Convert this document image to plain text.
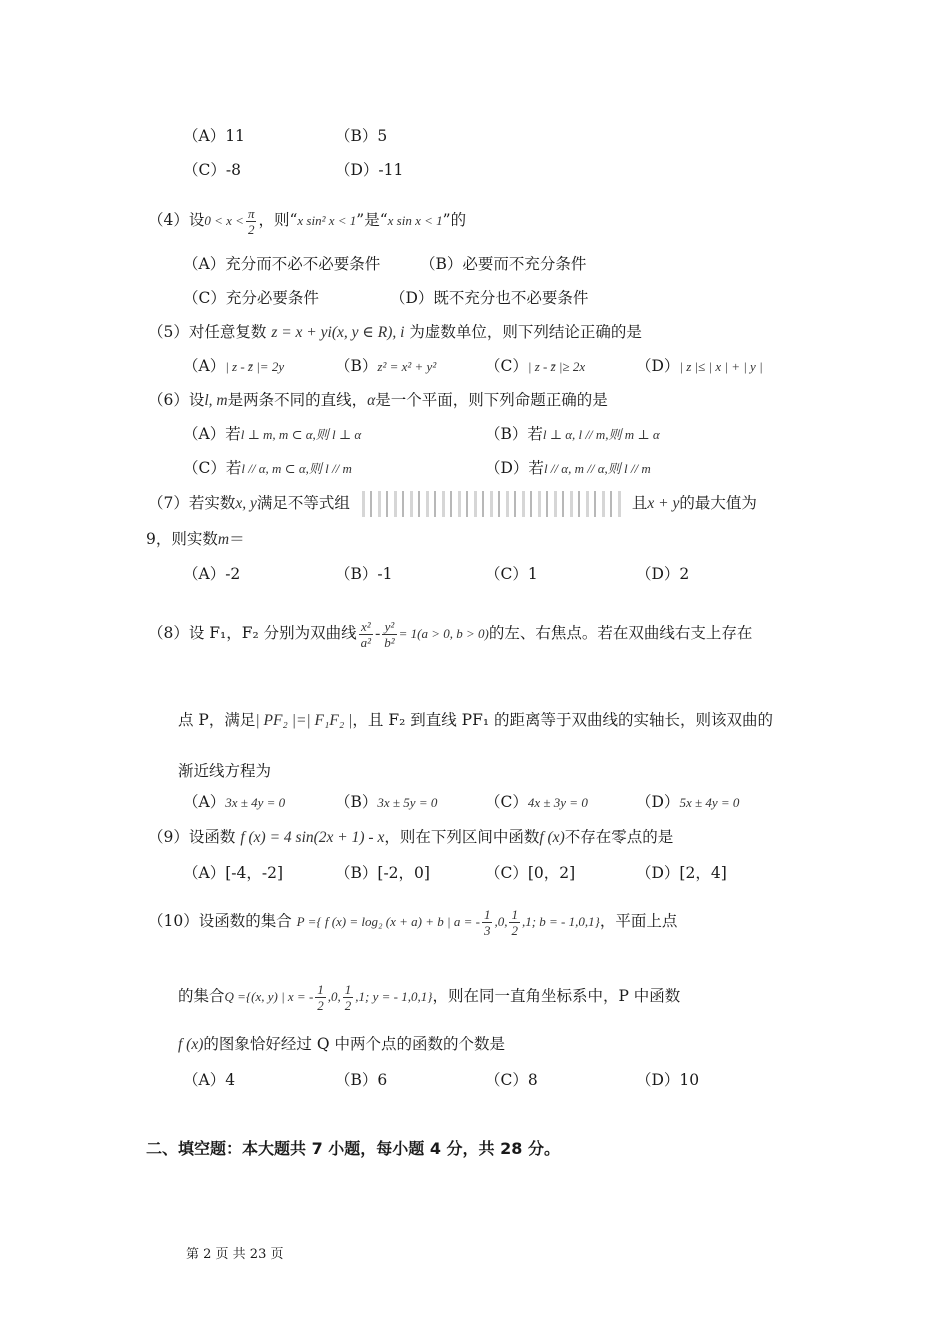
（A）11	（B）5
（C）-8	（D）-11
（4）设$0 < x < \frac{\pi}{2}$ ，则“x sin² x < 1”是“x sin x < 1”的
（A）充分而不必不必要条件	（B）必要而不充分条件
（C）充分必要条件	（D）既不充分也不必要条件
（5）对任意复数 z = x + yi(x, y ∈ R), i 为虚数单位，则下列结论正确的是
（A）| z - z̄ |= 2y	（B）z² = x² + y²	（C）| z - z̄ |≥ 2x	（D）| z |≤ | x | + | y |
（6）设l, m是两条不同的直线，α是一个平面，则下列命题正确的是
（A）若l ⊥ m, m ⊂ α,则 l ⊥ α	（B）若l ⊥ α, l // m,则 m ⊥ α
（C）若l // α, m ⊂ α,则 l // m	（D）若l // α, m // α,则 l // m
（7）若实数x, y满足不等式组	且x + y的最大值为
9，则实数m＝
（A）-2	（B）-1	（C）1	（D）2
（8）设 F₁，F₂ 分别为双曲线 $\frac{\text{x²}}{\text{a²}} - \frac{\text{y²}}{\text{b²}} = 1(a > 0$, b > 0)的左、右焦点。若在双曲线右支上存在
点 P，满足| PF₂ |=| F₁F₂ |，且 F₂ 到直线 PF₁ 的距离等于双曲线的实轴长，则该双曲的
渐近线方程为
（A）3x ± 4y = 0	（B）3x ± 5y = 0	（C）4x ± 3y = 0	（D）5x ± 4y = 0
（9）设函数 f (x) = 4 sin(2x + 1) - x，则在下列区间中函数f (x)不存在零点的是
（A）[-4，-2]	（B）[-2，0]	（C）[0，2]	（D）[2，4]
（10）设函数的集合 P ={ f (x) = log₂ (x + a) + b | a = - $\frac{1}{3} ,0$, $\frac{1}{2} ,1$; b = - 1,0,1}，平面上点
的集合Q ={(x, y) | x = - $\frac{1}{2} ,0$, $\frac{1}{2} ,1$; y = - 1,0,1}，则在同一直角坐标系中，P 中函数
f (x)的图象恰好经过 Q 中两个点的函数的个数是
（A）4	（B）6	（C）8	（D）10
二、填空题：本大题共 7 小题，每小题 4 分，共 28 分。
第 2 页 共 23 页
